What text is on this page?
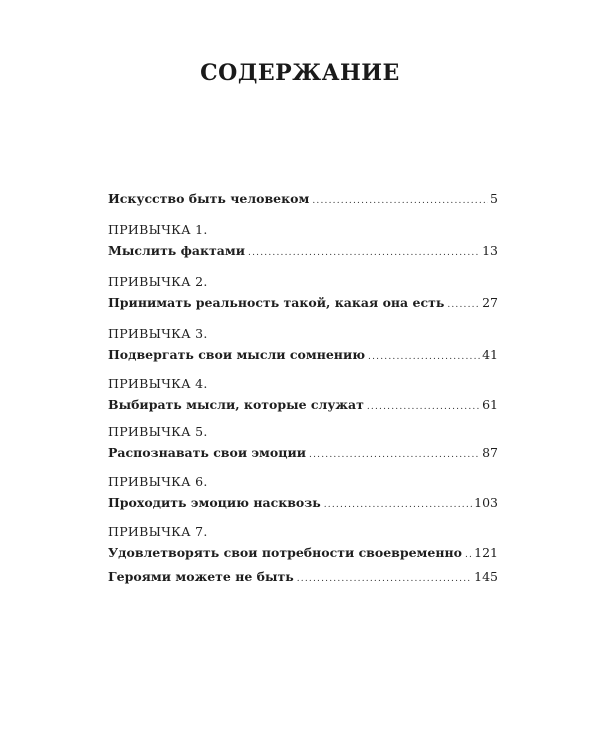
СОДЕРЖАНИЕ
Искусство быть человеком .....	5
ПРИВЫЧКА 1.
Мыслить фактами .....	13
ПРИВЫЧКА 2.
Принимать реальность такой, какая она есть .....	27
ПРИВЫЧКА 3.
Подвергать свои мысли сомнению .....	41
ПРИВЫЧКА 4.
Выбирать мысли, которые служат .....	61
ПРИВЫЧКА 5.
Распознавать свои эмоции .....	87
ПРИВЫЧКА 6.
Проходить эмоцию насквозь .....	103
ПРИВЫЧКА 7.
Удовлетворять свои потребности своевременно ..... 121
Героями можете не быть .....	145
